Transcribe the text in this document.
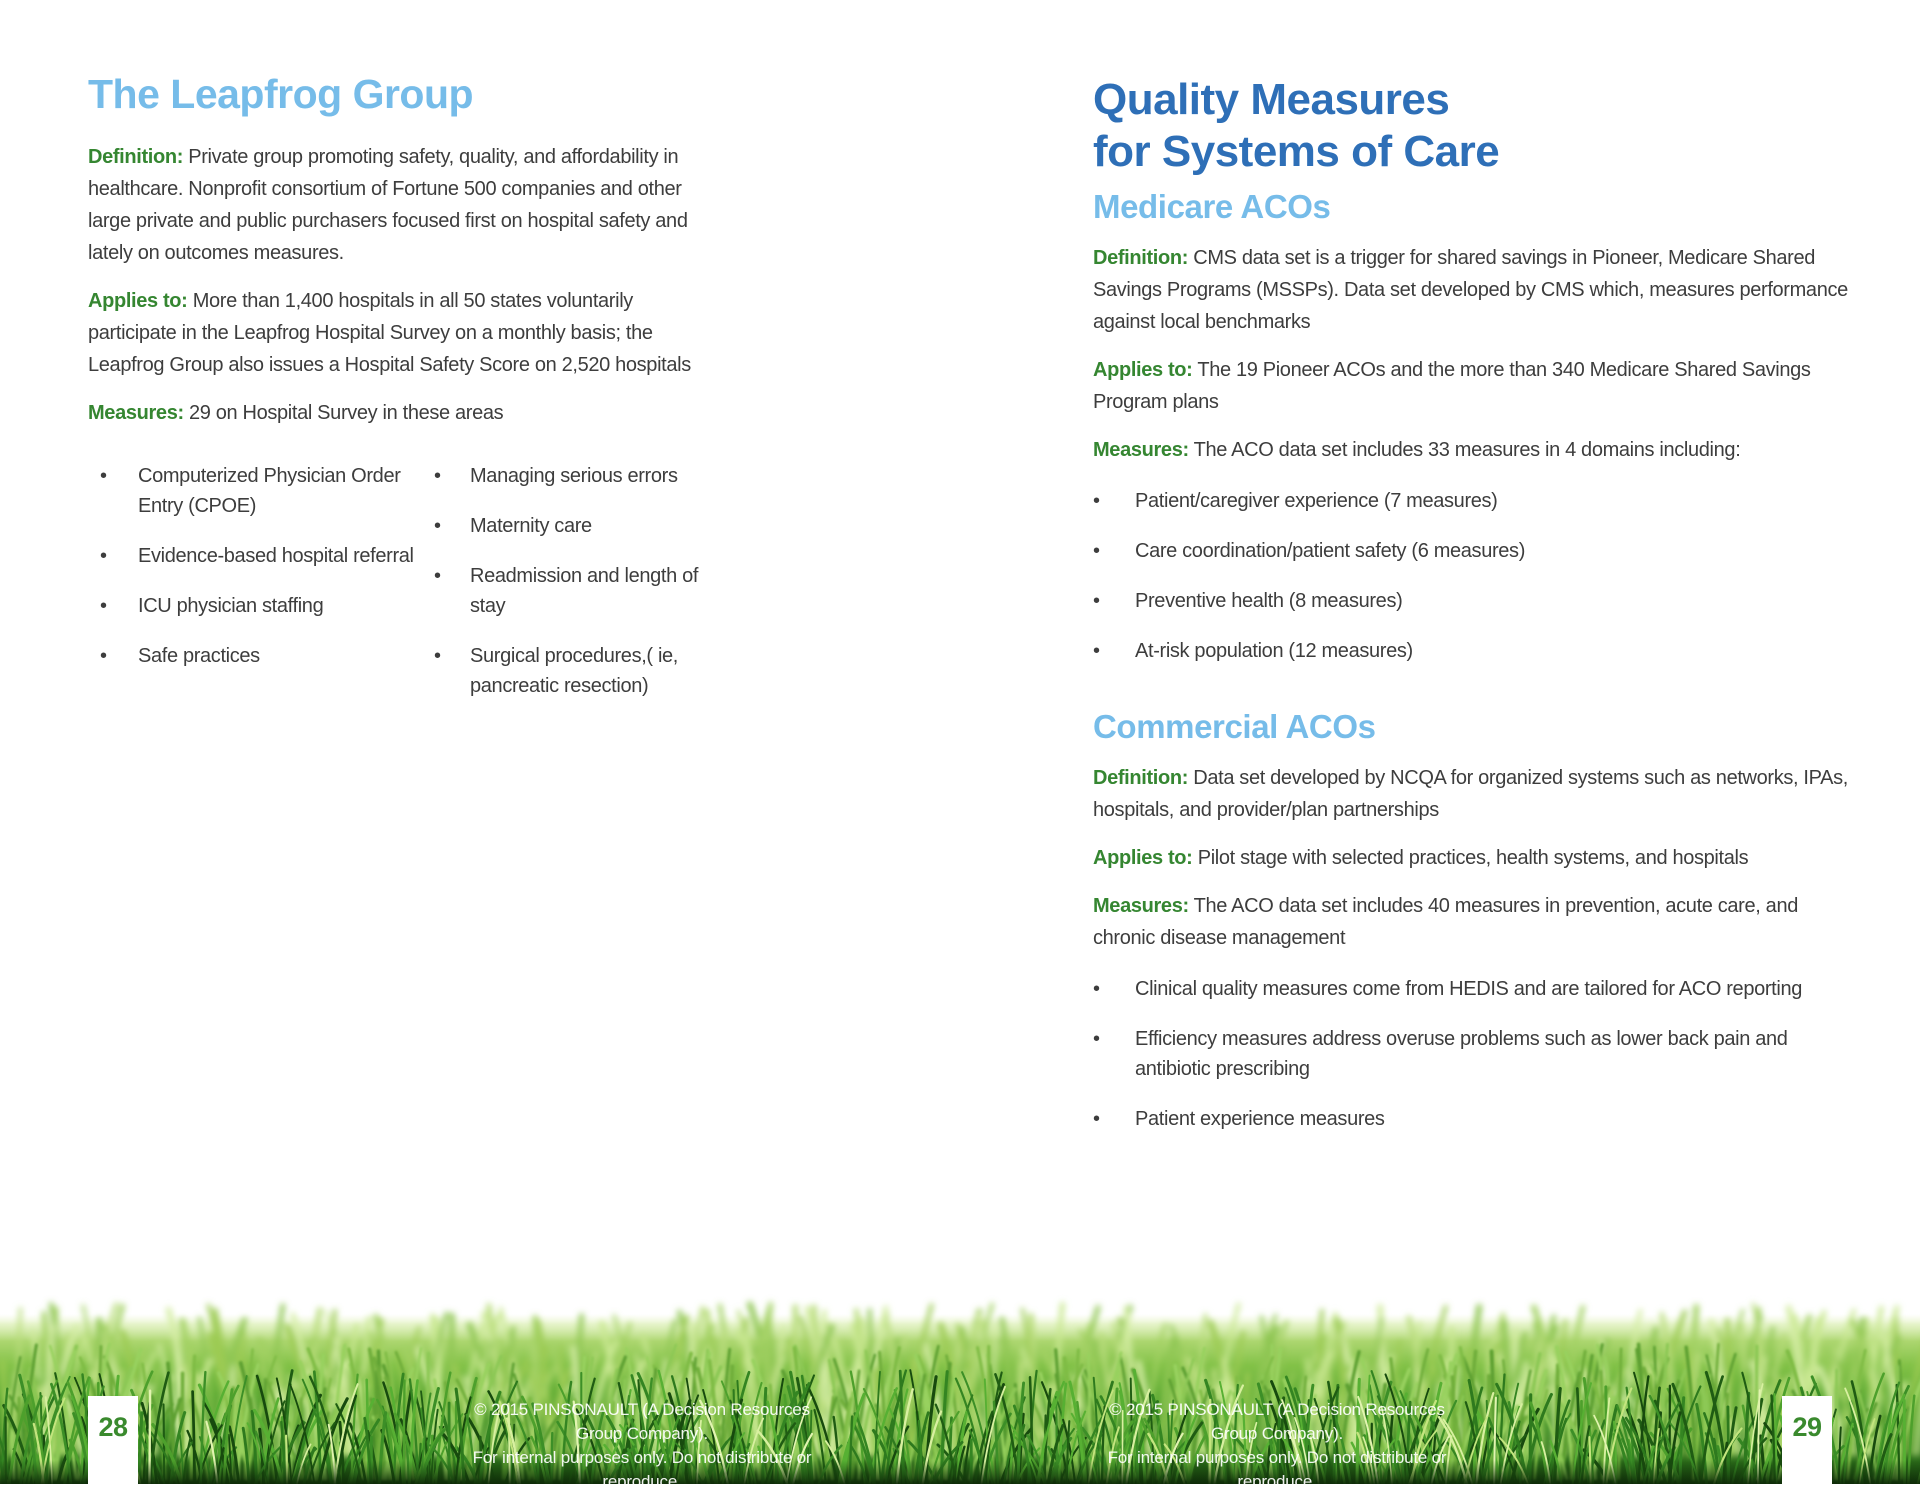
The Leapfrog Group

Definition: Private group promoting safety, quality, and affordability in healthcare. Nonprofit consortium of Fortune 500 companies and other large private and public purchasers focused first on hospital safety and lately on outcomes measures.

Applies to: More than 1,400 hospitals in all 50 states voluntarily participate in the Leapfrog Hospital Survey on a monthly basis; the Leapfrog Group also issues a Hospital Safety Score on 2,520 hospitals

Measures: 29 on Hospital Survey in these areas

• Computerized Physician Order Entry (CPOE)
• Evidence-based hospital referral
• ICU physician staffing
• Safe practices
• Managing serious errors
• Maternity care
• Readmission and length of stay
• Surgical procedures,( ie, pancreatic resection)
Quality Measures
for Systems of Care
Medicare ACOs

Definition: CMS data set is a trigger for shared savings in Pioneer, Medicare Shared Savings Programs (MSSPs). Data set developed by CMS which, measures performance against local benchmarks

Applies to: The 19 Pioneer ACOs and the more than 340 Medicare Shared Savings Program plans

Measures: The ACO data set includes 33 measures in 4 domains including:

• Patient/caregiver experience (7 measures)
• Care coordination/patient safety (6 measures)
• Preventive health (8 measures)
• At-risk population (12 measures)
Commercial ACOs

Definition: Data set developed by NCQA for organized systems such as networks, IPAs, hospitals, and provider/plan partnerships

Applies to: Pilot stage with selected practices, health systems, and hospitals

Measures: The ACO data set includes 40 measures in prevention, acute care, and chronic disease management

• Clinical quality measures come from HEDIS and are tailored for ACO reporting
• Efficiency measures address overuse problems such as lower back pain and antibiotic prescribing
• Patient experience measures
© 2015 PINSONAULT (A Decision Resources Group Company).
For internal purposes only. Do not distribute or reproduce.
© 2015 PINSONAULT (A Decision Resources Group Company).
For internal purposes only. Do not distribute or reproduce.
28	29
